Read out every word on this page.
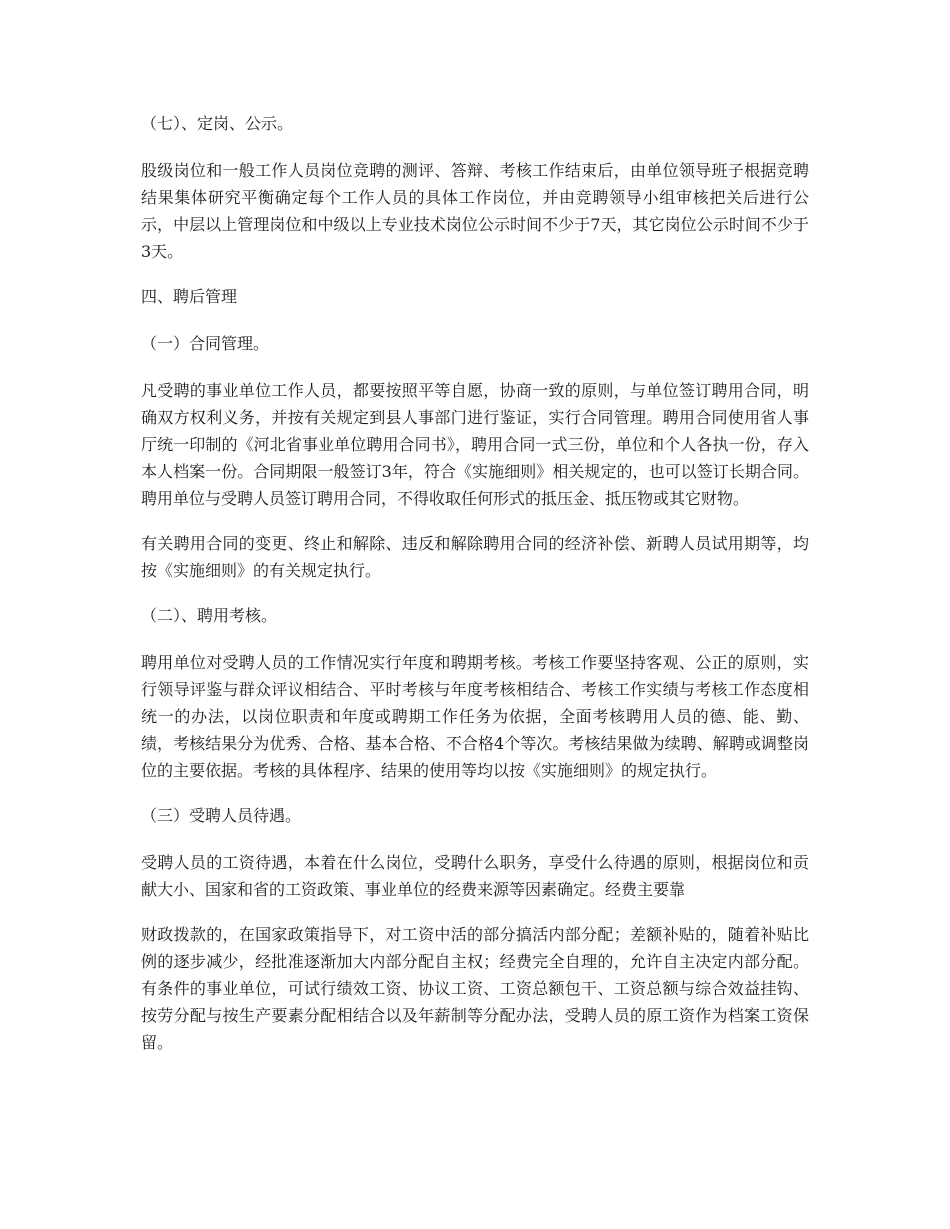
（七）、定岗、公示。
股级岗位和一般工作人员岗位竞聘的测评、答辩、考核工作结束后，由单位领导班子根据竞聘结果集体研究平衡确定每个工作人员的具体工作岗位，并由竞聘领导小组审核把关后进行公示，中层以上管理岗位和中级以上专业技术岗位公示时间不少于7天，其它岗位公示时间不少于3天。
四、聘后管理
（一）合同管理。
凡受聘的事业单位工作人员，都要按照平等自愿，协商一致的原则，与单位签订聘用合同，明确双方权利义务，并按有关规定到县人事部门进行鉴证，实行合同管理。聘用合同使用省人事厅统一印制的《河北省事业单位聘用合同书》，聘用合同一式三份，单位和个人各执一份，存入本人档案一份。合同期限一般签订3年，符合《实施细则》相关规定的，也可以签订长期合同。聘用单位与受聘人员签订聘用合同，不得收取任何形式的抵压金、抵压物或其它财物。
有关聘用合同的变更、终止和解除、违反和解除聘用合同的经济补偿、新聘人员试用期等，均按《实施细则》的有关规定执行。
（二）、聘用考核。
聘用单位对受聘人员的工作情况实行年度和聘期考核。考核工作要坚持客观、公正的原则，实行领导评鉴与群众评议相结合、平时考核与年度考核相结合、考核工作实绩与考核工作态度相统一的办法，以岗位职责和年度或聘期工作任务为依据，全面考核聘用人员的德、能、勤、绩，考核结果分为优秀、合格、基本合格、不合格4个等次。考核结果做为续聘、解聘或调整岗位的主要依据。考核的具体程序、结果的使用等均以按《实施细则》的规定执行。
（三）受聘人员待遇。
受聘人员的工资待遇，本着在什么岗位，受聘什么职务，享受什么待遇的原则，根据岗位和贡献大小、国家和省的工资政策、事业单位的经费来源等因素确定。经费主要靠
财政拨款的，在国家政策指导下，对工资中活的部分搞活内部分配；差额补贴的，随着补贴比例的逐步减少，经批准逐渐加大内部分配自主权；经费完全自理的，允许自主决定内部分配。有条件的事业单位，可试行绩效工资、协议工资、工资总额包干、工资总额与综合效益挂钩、按劳分配与按生产要素分配相结合以及年薪制等分配办法，受聘人员的原工资作为档案工资保留。
